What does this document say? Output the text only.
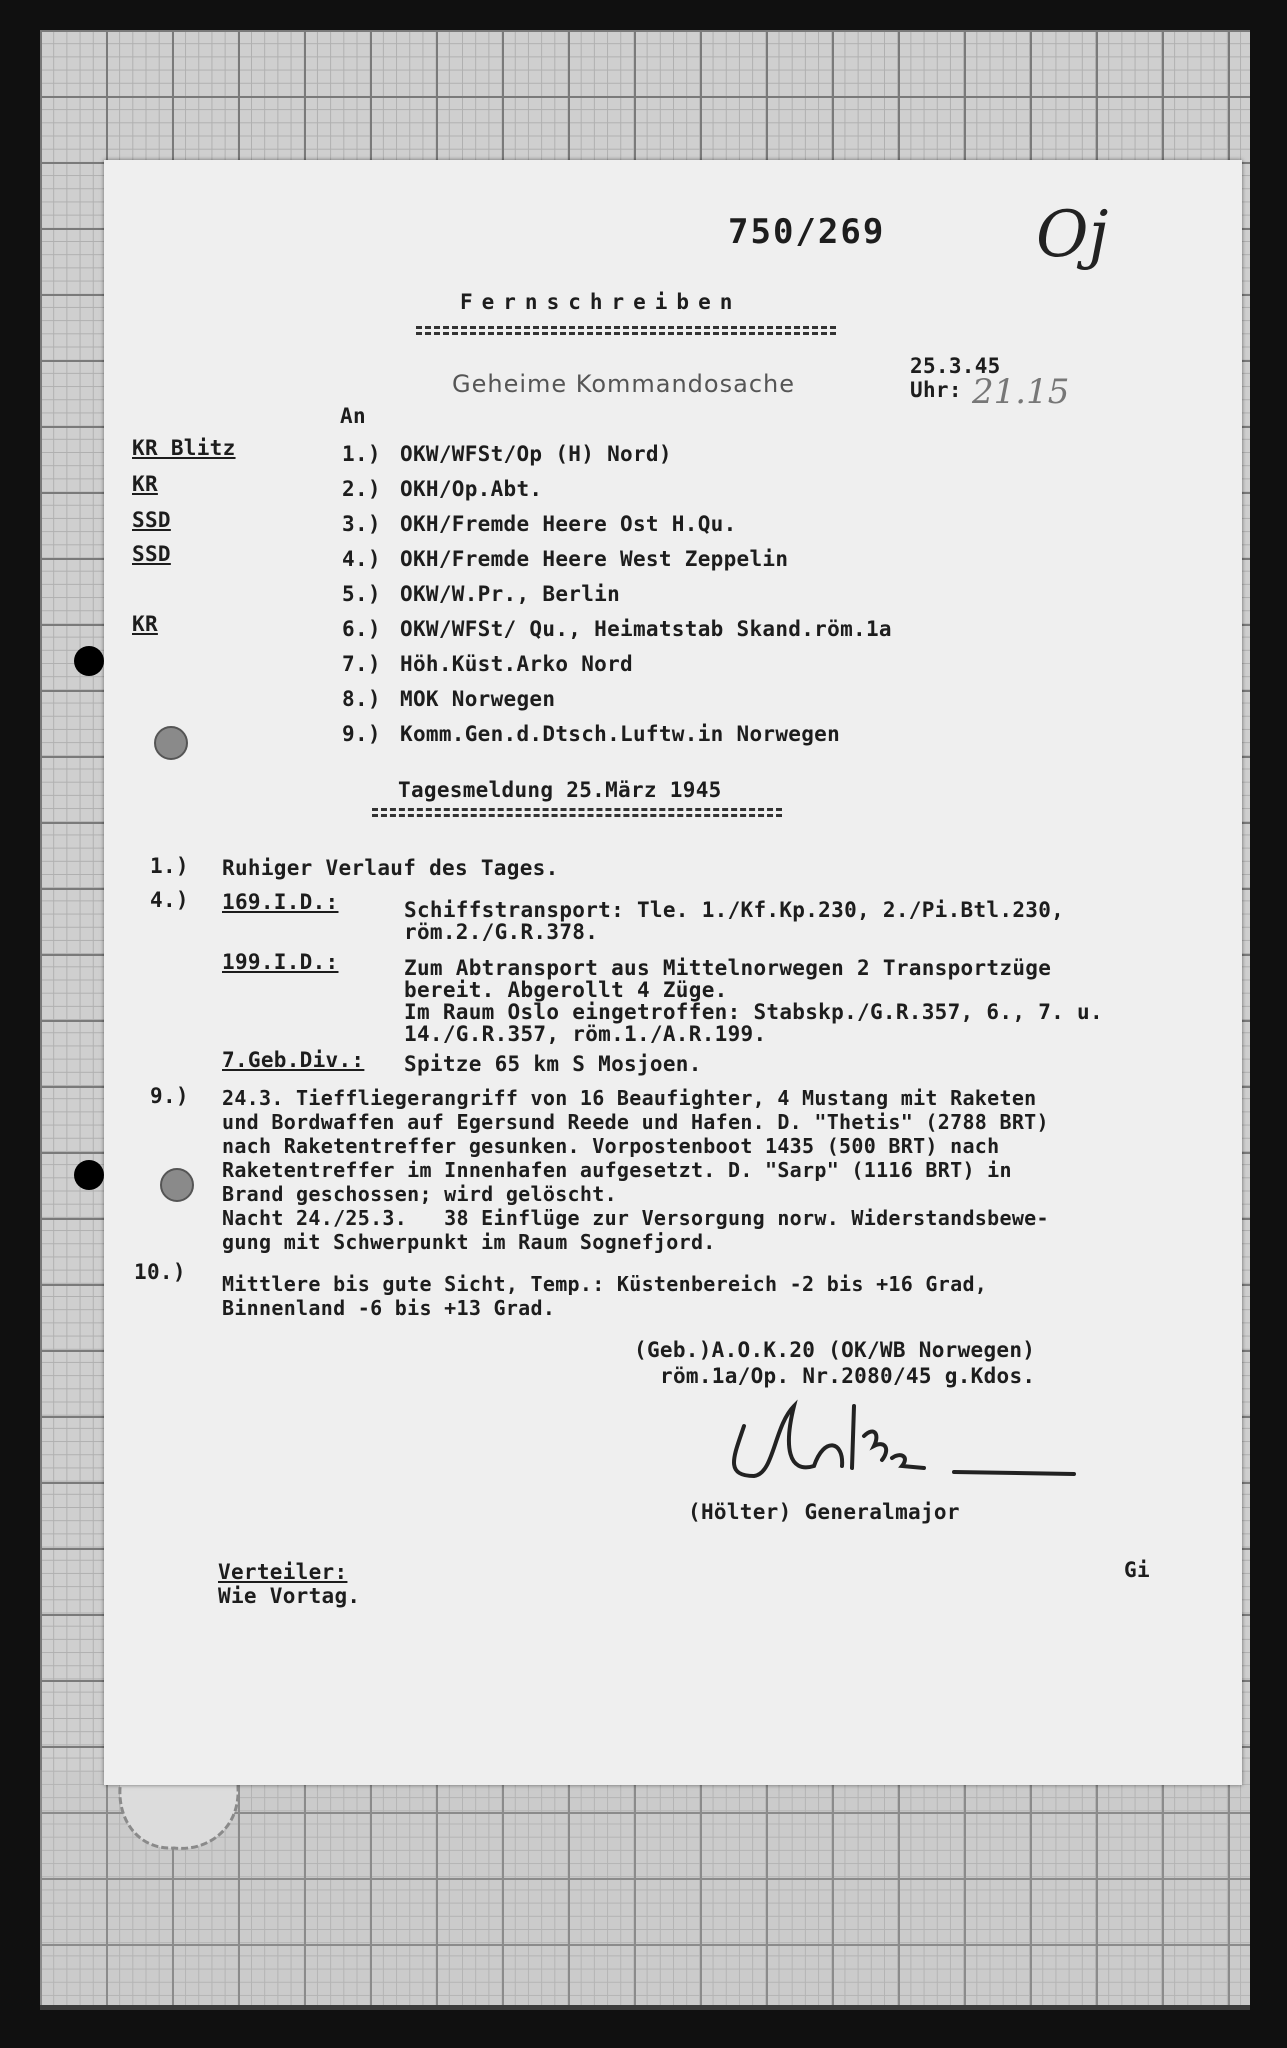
750/269 Oj
Fernschreiben
Geheime Kommandosache
25.3.45
Uhr: 21.15
An
KR Blitz	1.) OKW/WFSt/Op (H) Nord)
KR	2.) OKH/Op.Abt.
SSD	3.) OKH/Fremde Heere Ost H.Qu.
SSD	4.) OKH/Fremde Heere West Zeppelin
5.) OKW/W.Pr., Berlin
KR	6.) OKW/WFSt/ Qu., Heimatstab Skand.röm.1a
7.) Höh.Küst.Arko Nord
8.) MOK Norwegen
9.) Komm.Gen.d.Dtsch.Luftw.in Norwegen
Tagesmeldung 25.März 1945
1.) Ruhiger Verlauf des Tages.
4.) 169.I.D.:	Schiffstransport: Tle. 1./Kf.Kp.230, 2./Pi.Btl.230,
röm.2./G.R.378.
199.I.D.:	Zum Abtransport aus Mittelnorwegen 2 Transportzüge
bereit. Abgerollt 4 Züge.
Im Raum Oslo eingetroffen: Stabskp./G.R.357, 6., 7. u.
14./G.R.357, röm.1./A.R.199.
7.Geb.Div.: Spitze 65 km S Mosjoen.
9.) 24.3. Tieffliegerangriff von 16 Beaufighter, 4 Mustang mit Raketen
und Bordwaffen auf Egersund Reede und Hafen. D. "Thetis" (2788 BRT)
nach Raketentreffer gesunken. Vorpostenboot 1435 (500 BRT) nach
Raketentreffer im Innenhafen aufgesetzt. D. "Sarp" (1116 BRT) in
Brand geschossen; wird gelöscht.
Nacht 24./25.3.   38 Einflüge zur Versorgung norw. Widerstandsbewe-
gung mit Schwerpunkt im Raum Sognefjord.
10.) Mittlere bis gute Sicht, Temp.: Küstenbereich -2 bis +16 Grad,
Binnenland -6 bis +13 Grad.
(Geb.)A.O.K.20 (OK/WB Norwegen)
röm.1a/Op. Nr.2080/45 g.Kdos.
(Hölter) Generalmajor
Verteiler:
Wie Vortag.
Gi
